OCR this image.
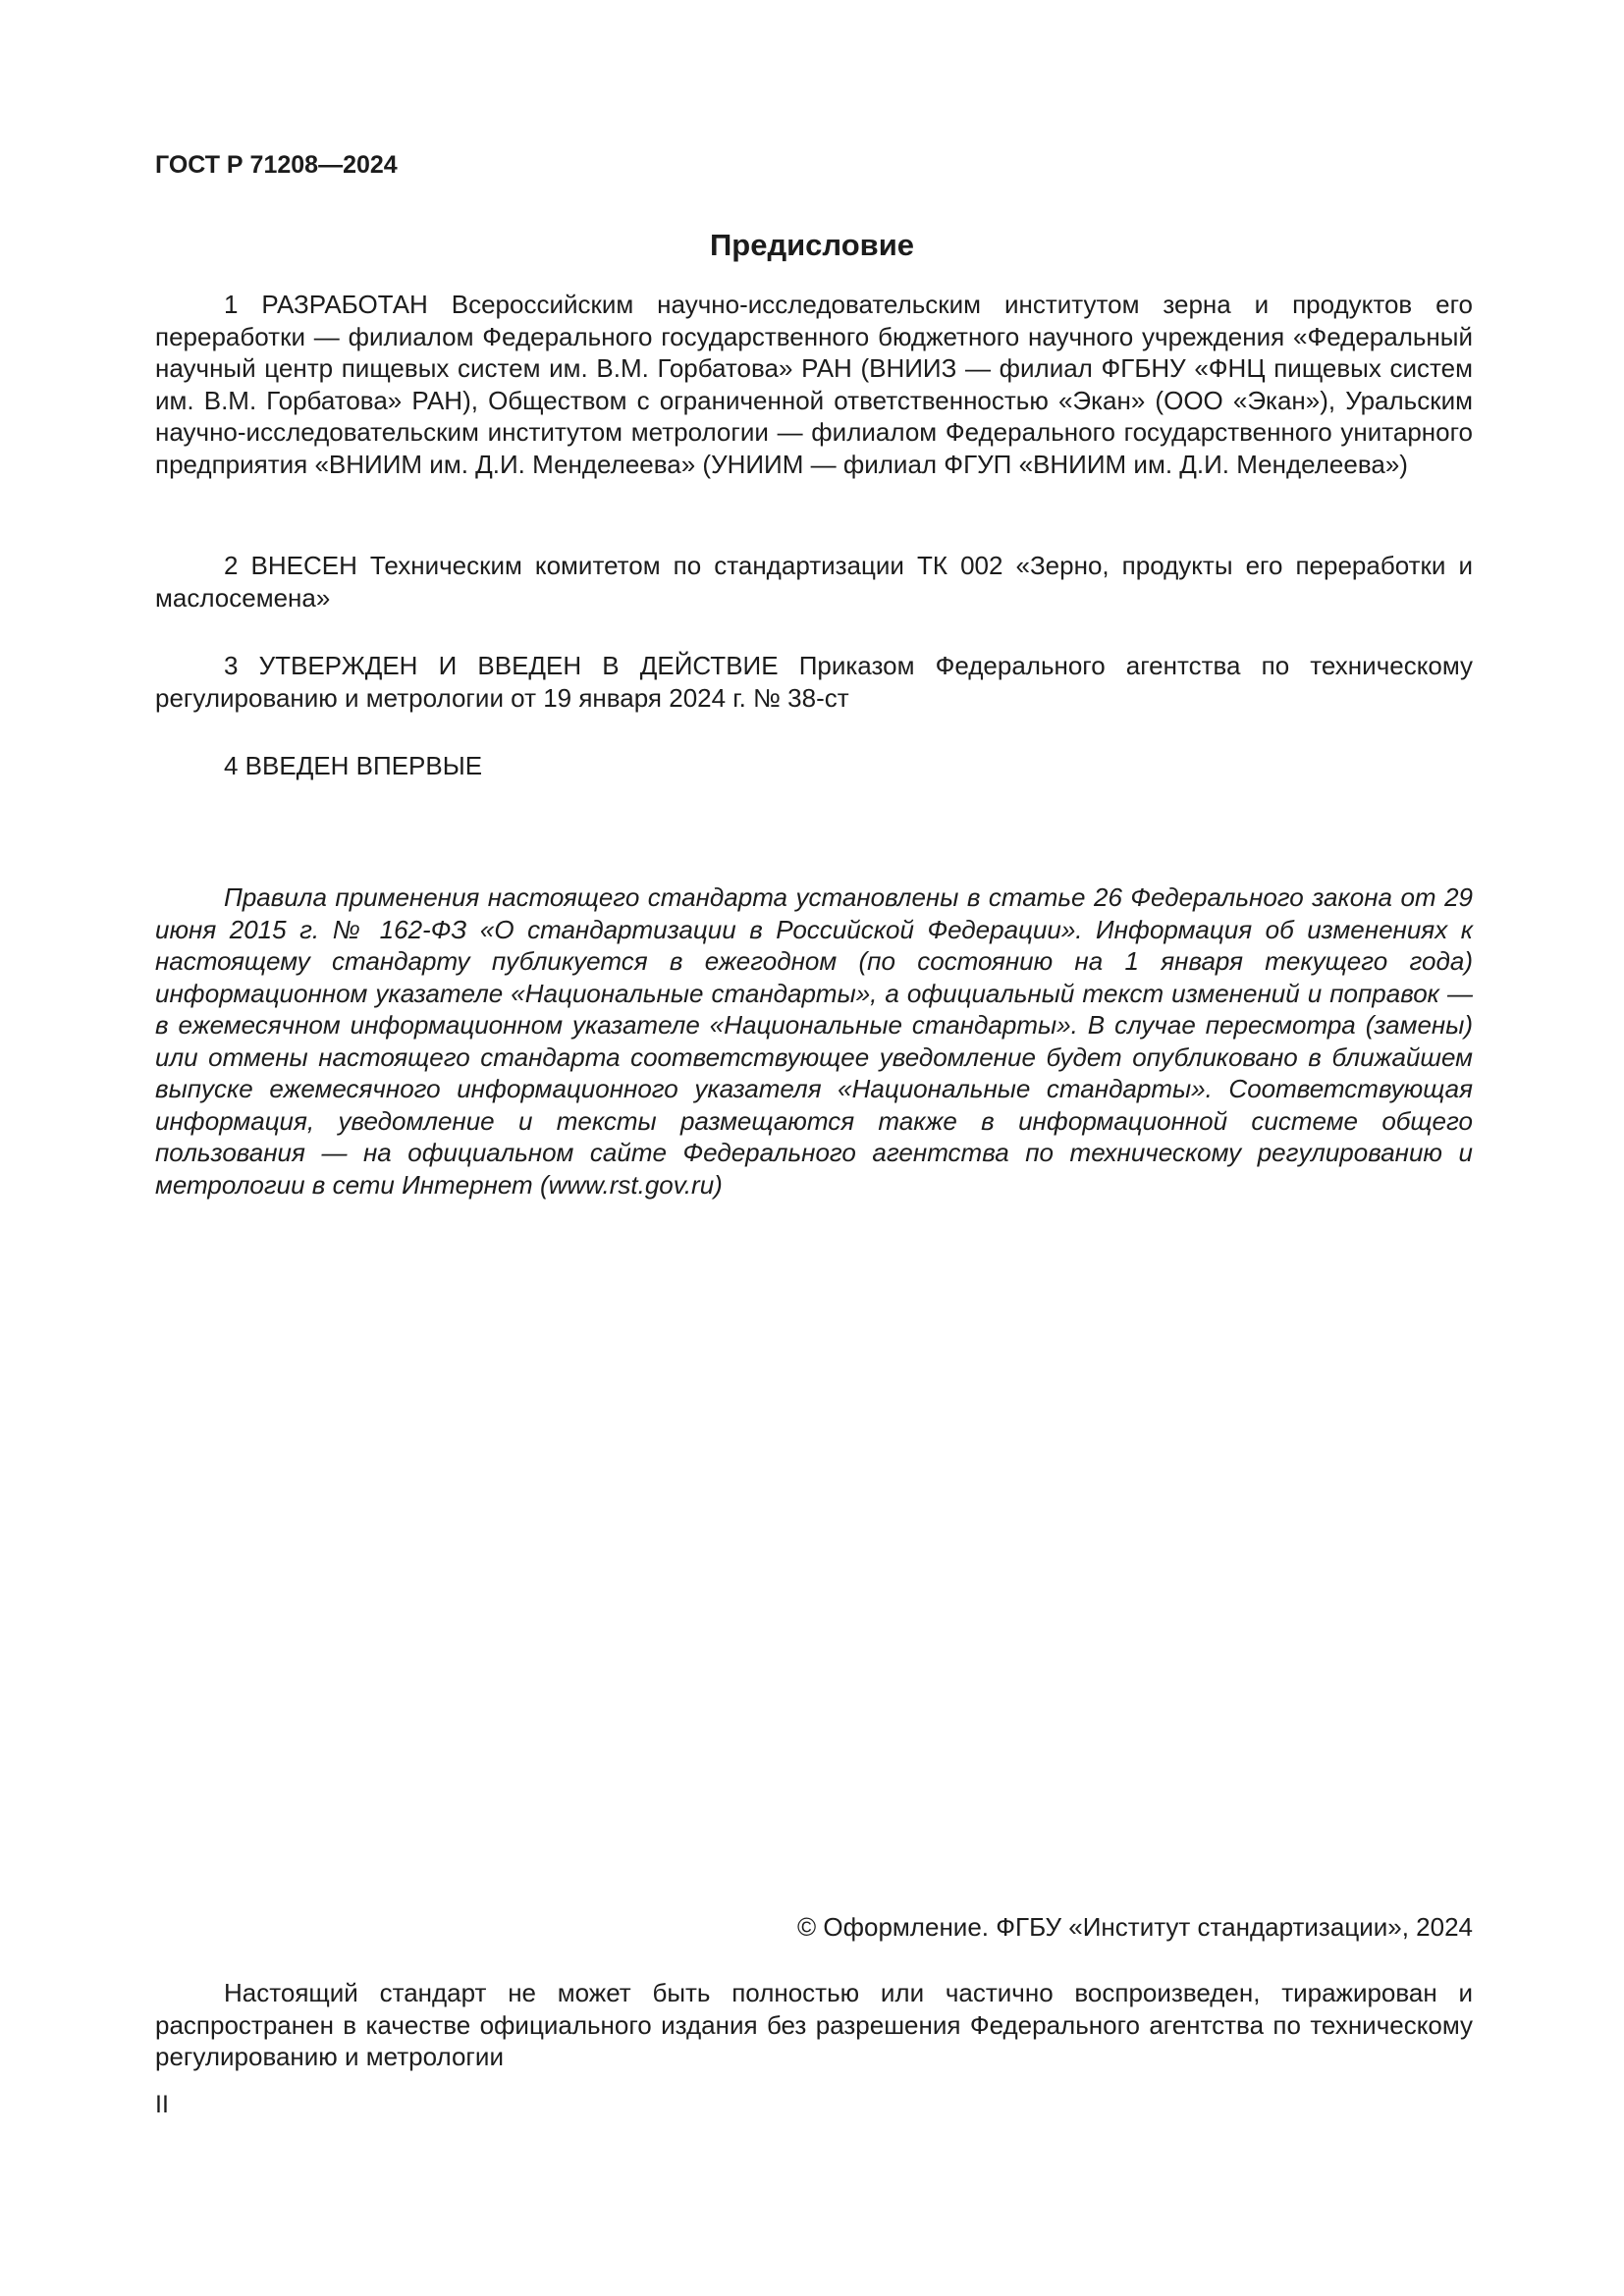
ГОСТ Р 71208—2024
Предисловие

1 РАЗРАБОТАН Всероссийским научно-исследовательским институтом зерна и продуктов его переработки — филиалом Федерального государственного бюджетного научного учреждения «Федеральный научный центр пищевых систем им. В.М. Горбатова» РАН (ВНИИЗ — филиал ФГБНУ «ФНЦ пищевых систем им. В.М. Горбатова» РАН), Обществом с ограниченной ответственностью «Экан» (ООО «Экан»), Уральским научно-исследовательским институтом метрологии — филиалом Федерального государственного унитарного предприятия «ВНИИМ им. Д.И. Менделеева» (УНИИМ — филиал ФГУП «ВНИИМ им. Д.И. Менделеева»)

2 ВНЕСЕН Техническим комитетом по стандартизации ТК 002 «Зерно, продукты его переработки и маслосемена»

3 УТВЕРЖДЕН И ВВЕДЕН В ДЕЙСТВИЕ Приказом Федерального агентства по техническому регулированию и метрологии от 19 января 2024 г. № 38-ст

4 ВВЕДЕН ВПЕРВЫЕ

Правила применения настоящего стандарта установлены в статье 26 Федерального закона от 29 июня 2015 г. № 162-ФЗ «О стандартизации в Российской Федерации». Информация об изменениях к настоящему стандарту публикуется в ежегодном (по состоянию на 1 января текущего года) информационном указателе «Национальные стандарты», а официальный текст изменений и поправок — в ежемесячном информационном указателе «Национальные стандарты». В случае пересмотра (замены) или отмены настоящего стандарта соответствующее уведомление будет опубликовано в ближайшем выпуске ежемесячного информационного указателя «Национальные стандарты». Соответствующая информация, уведомление и тексты размещаются также в информационной системе общего пользования — на официальном сайте Федерального агентства по техническому регулированию и метрологии в сети Интернет (www.rst.gov.ru)

© Оформление. ФГБУ «Институт стандартизации», 2024

Настоящий стандарт не может быть полностью или частично воспроизведен, тиражирован и распространен в качестве официального издания без разрешения Федерального агентства по техническому регулированию и метрологии

II
